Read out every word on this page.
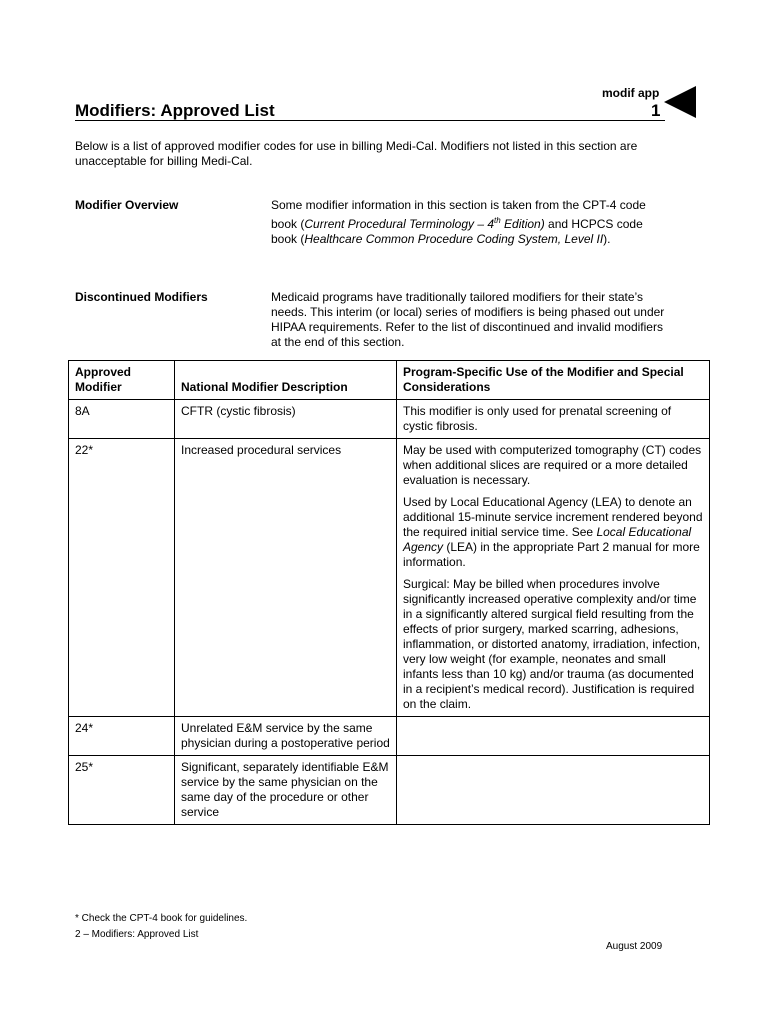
modif app
1
Modifiers: Approved List
Below is a list of approved modifier codes for use in billing Medi-Cal. Modifiers not listed in this section are unacceptable for billing Medi-Cal.
Modifier Overview	Some modifier information in this section is taken from the CPT-4 code book (Current Procedural Terminology – 4th Edition) and HCPCS code book (Healthcare Common Procedure Coding System, Level II).
Discontinued Modifiers	Medicaid programs have traditionally tailored modifiers for their state’s needs. This interim (or local) series of modifiers is being phased out under HIPAA requirements. Refer to the list of discontinued and invalid modifiers at the end of this section.
Approved Modifier	National Modifier Description	Program-Specific Use of the Modifier and Special Considerations
8A	CFTR (cystic fibrosis)	This modifier is only used for prenatal screening of cystic fibrosis.

22*	Increased procedural services	May be used with computerized tomography (CT) codes when additional slices are required or a more detailed evaluation is necessary.

Used by Local Educational Agency (LEA) to denote an additional 15-minute service increment rendered beyond the required initial service time. See Local Educational Agency (LEA) in the appropriate Part 2 manual for more information.

Surgical: May be billed when procedures involve significantly increased operative complexity and/or time in a significantly altered surgical field resulting from the effects of prior surgery, marked scarring, adhesions, inflammation, or distorted anatomy, irradiation, infection, very low weight (for example, neonates and small infants less than 10 kg) and/or trauma (as documented in a recipient’s medical record). Justification is required on the claim.

24*	Unrelated E&M service by the same physician during a postoperative period	
25*	Significant, separately identifiable E&M service by the same physician on the same day of the procedure or other service	
* Check the CPT-4 book for guidelines.
2 – Modifiers: Approved List
August 2009
